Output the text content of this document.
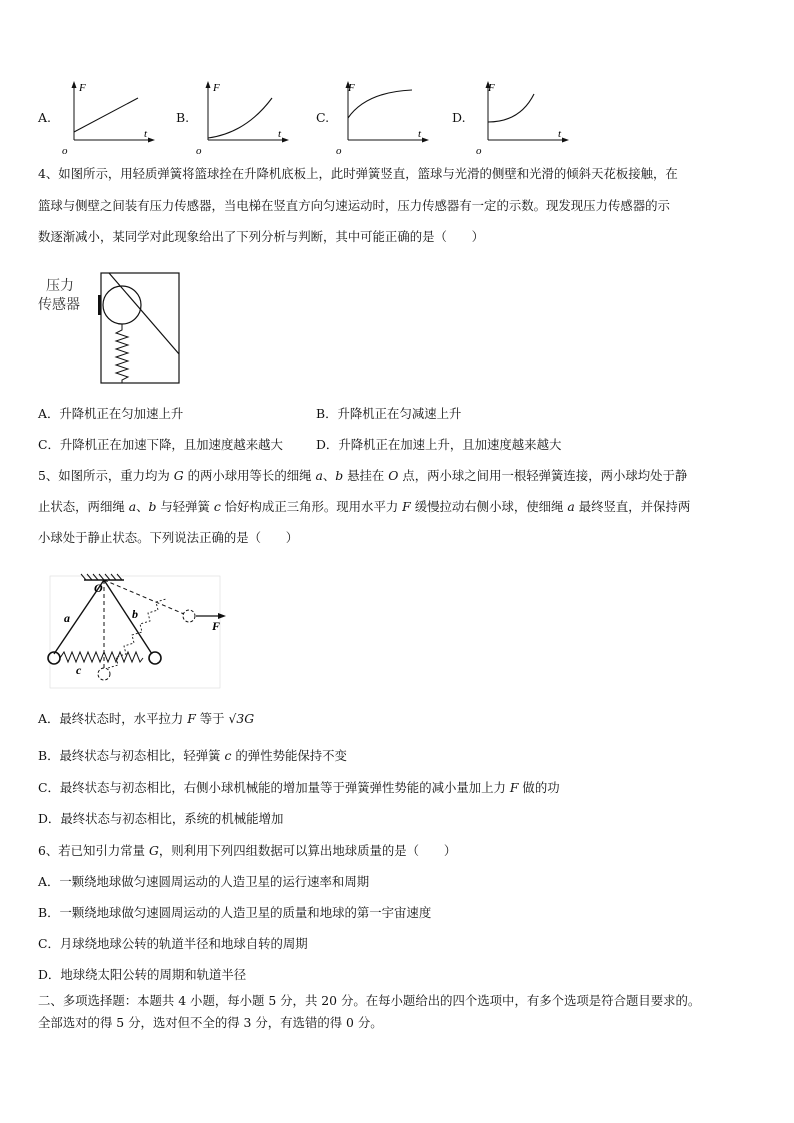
A.
F
t
o
B.
F
t
o
C.
F
t
o
D.
F
t
o
4、如图所示，用轻质弹簧将篮球拴在升降机底板上，此时弹簧竖直，篮球与光滑的侧壁和光滑的倾斜天花板接触，在
篮球与侧壁之间装有压力传感器，当电梯在竖直方向匀速运动时，压力传感器有一定的示数。现发现压力传感器的示
数逐渐减小，某同学对此现象给出了下列分析与判断，其中可能正确的是（　　）
压力
传感器
A．升降机正在匀加速上升	B．升降机正在匀减速上升
C．升降机正在加速下降，且加速度越来越大	D．升降机正在加速上升，且加速度越来越大
5、如图所示，重力均为 G 的两小球用等长的细绳 a、b 悬挂在 O 点，两小球之间用一根轻弹簧连接，两小球均处于静
止状态，两细绳 a、b 与轻弹簧 c 恰好构成正三角形。现用水平力 F 缓慢拉动右侧小球，使细绳 a 最终竖直，并保持两
小球处于静止状态。下列说法正确的是（　　）
O
a	b
c
F
A．最终状态时，水平拉力 F 等于 √3G
B．最终状态与初态相比，轻弹簧 c 的弹性势能保持不变
C．最终状态与初态相比，右侧小球机械能的增加量等于弹簧弹性势能的减小量加上力 F 做的功
D．最终状态与初态相比，系统的机械能增加
6、若已知引力常量 G，则利用下列四组数据可以算出地球质量的是（　　）
A．一颗绕地球做匀速圆周运动的人造卫星的运行速率和周期
B．一颗绕地球做匀速圆周运动的人造卫星的质量和地球的第一宇宙速度
C．月球绕地球公转的轨道半径和地球自转的周期
D．地球绕太阳公转的周期和轨道半径
二、多项选择题：本题共 4 小题，每小题 5 分，共 20 分。在每小题给出的四个选项中，有多个选项是符合题目要求的。
全部选对的得 5 分，选对但不全的得 3 分，有选错的得 0 分。
